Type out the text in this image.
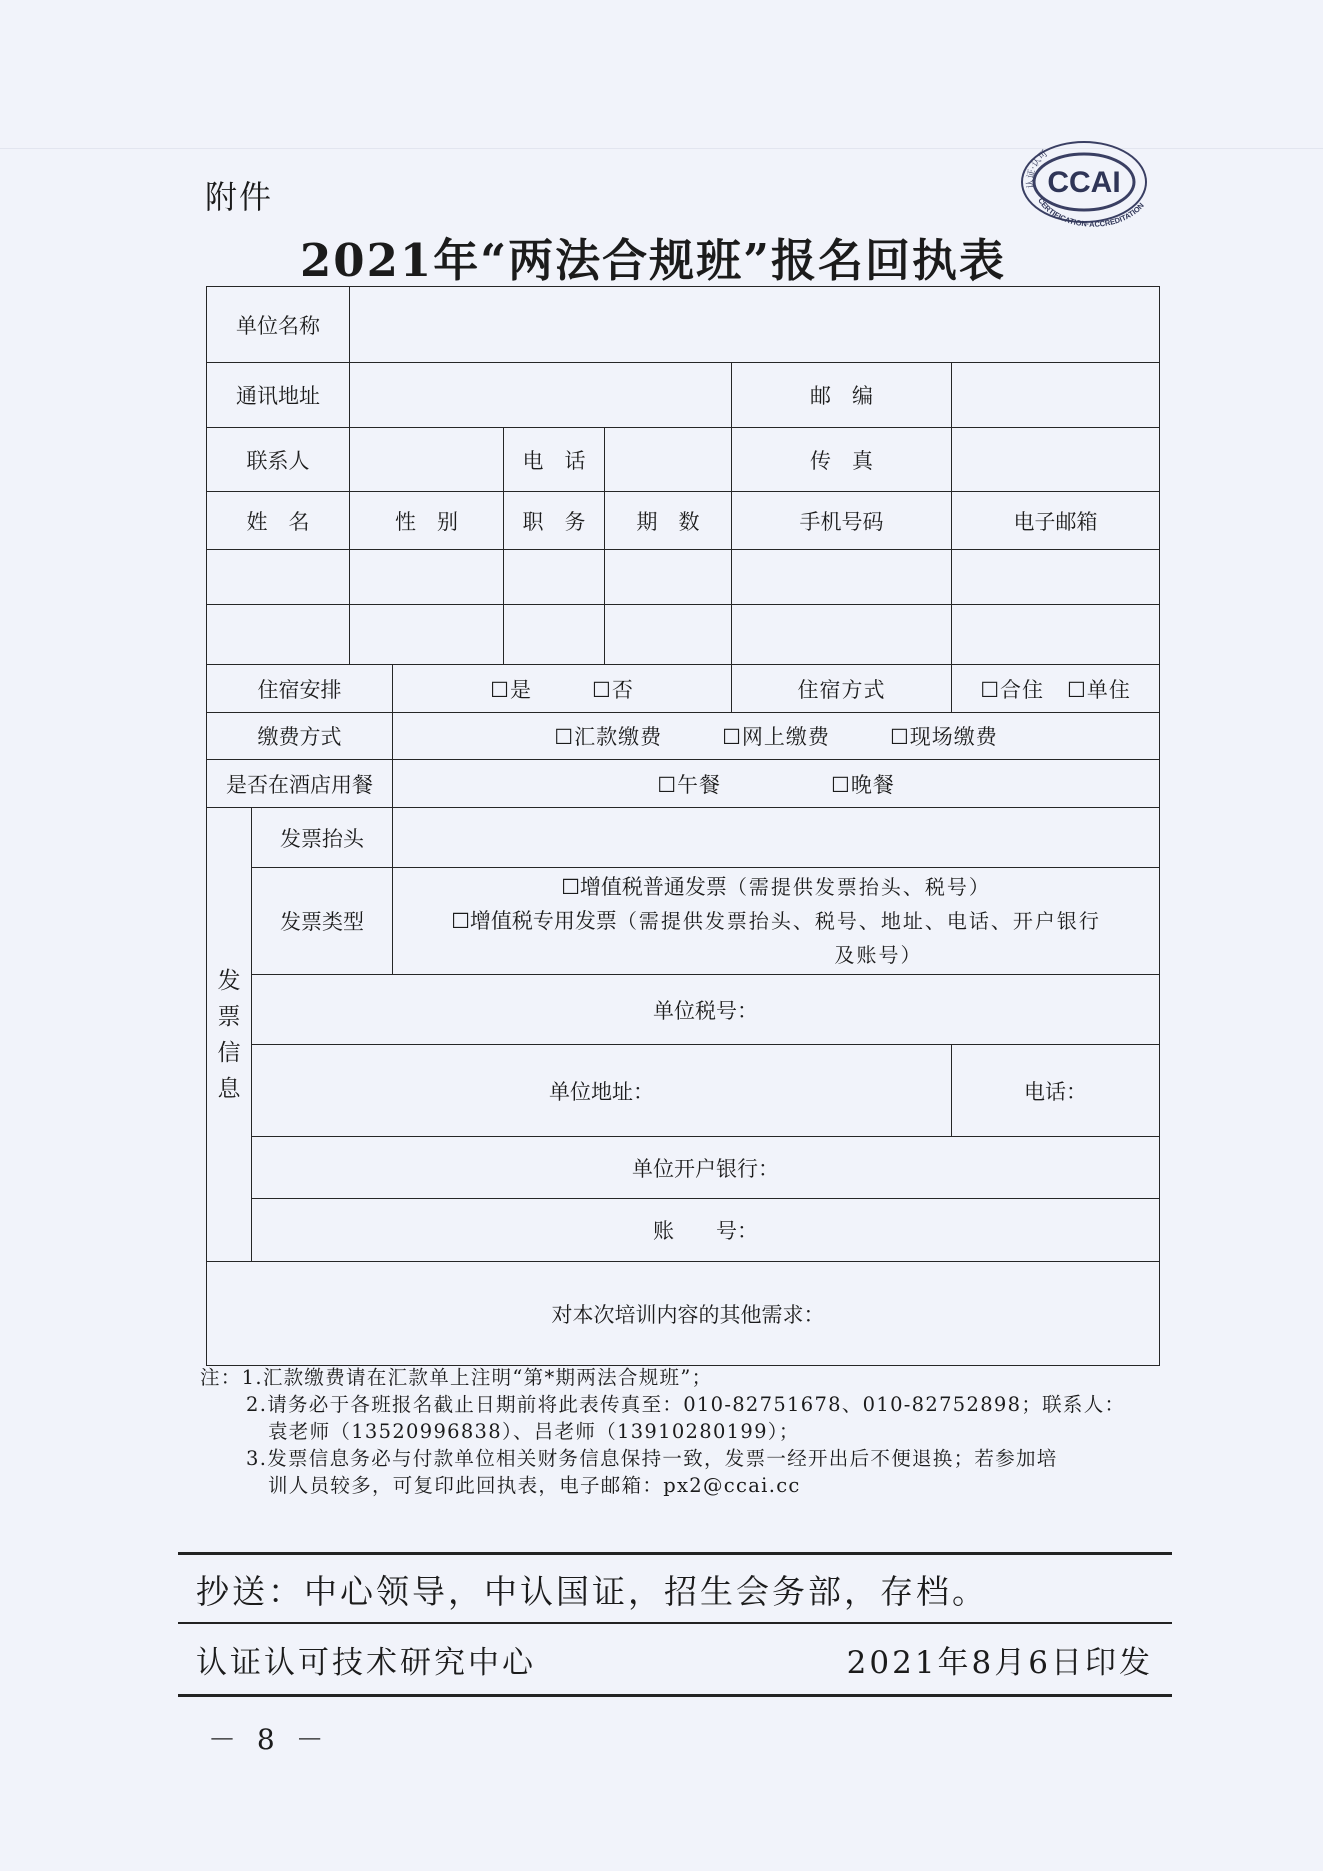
附件	CCAI
认证·认可
CERTIFICATION·ACCREDITATION
2021年“两法合规班”报名回执表
单位名称							
通讯地址						邮　编	
联系人				电　话		传　真	
姓　名		性　别		职　务	期　数	手机号码	电子邮箱

住宿安排			☐是 ☐否			住宿方式	☐合住 ☐单住
缴费方式			☐汇款缴费 ☐网上缴费 ☐现场缴费				
是否在酒店用餐			☐午餐 ☐晚餐				
发票信息	发票抬头						
	发票类型		☐增值税普通发票（需提供发票抬头、税号）
☐增值税专用发票（需提供发票抬头、税号、地址、电话、开户银行
及账号）				

	单位税号：						
	单位地址：						电话：
	单位开户银行：						
	账　　号：						
对本次培训内容的其他需求：							
注：1.汇款缴费请在汇款单上注明“第*期两法合规班”；
2.请务必于各班报名截止日期前将此表传真至：010-82751678、010-82752898；联系人：
袁老师（13520996838）、吕老师（13910280199）；
3.发票信息务必与付款单位相关财务信息保持一致，发票一经开出后不便退换；若参加培
训人员较多，可复印此回执表，电子邮箱：px2@ccai.cc
抄送：中心领导，中认国证，招生会务部，存档。
认证认可技术研究中心	2021年8月6日印发
－ 8 －
